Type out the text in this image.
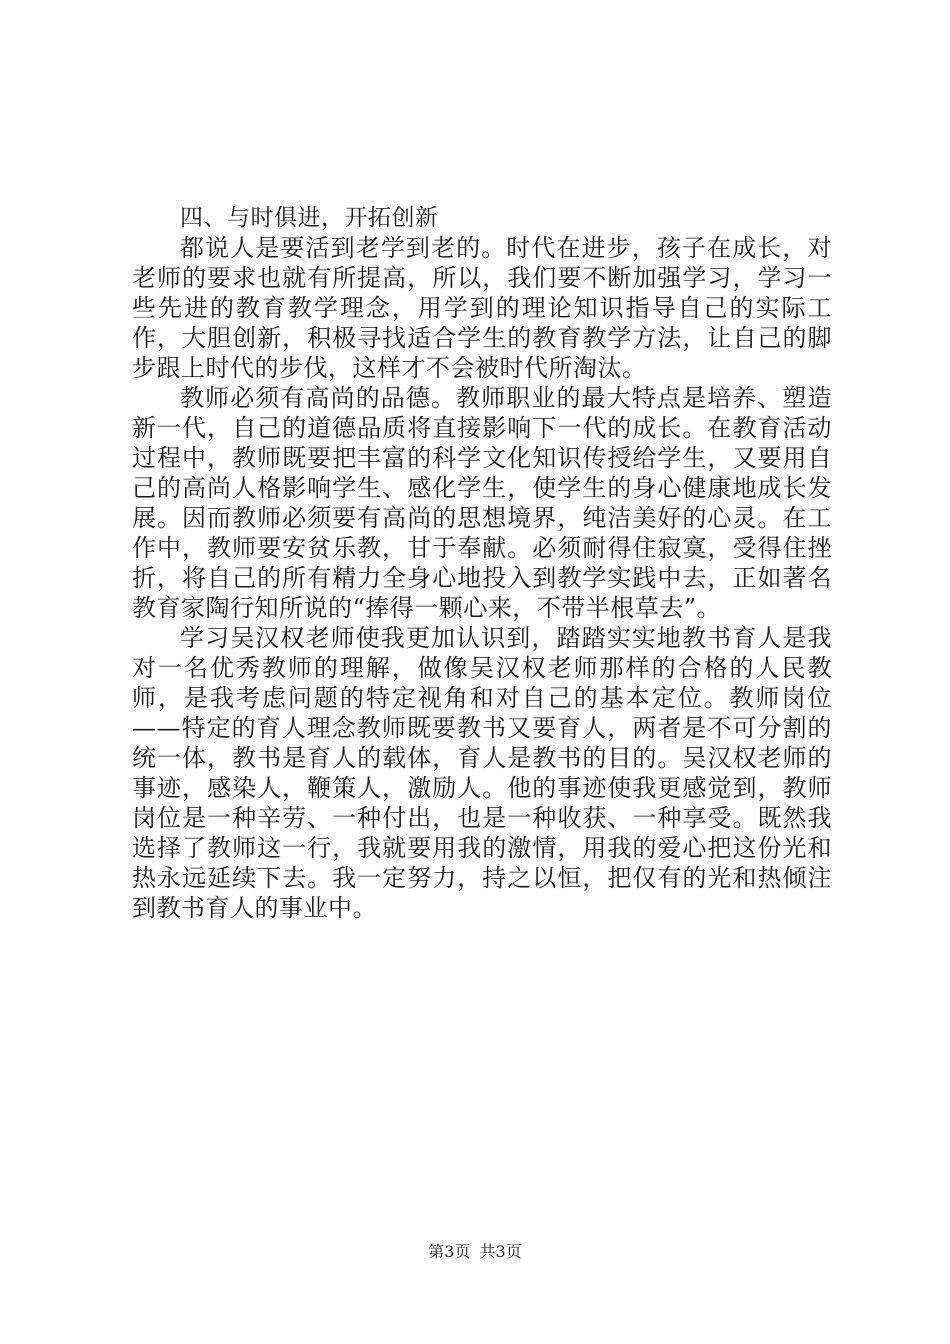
四、与时俱进，开拓创新

都说人是要活到老学到老的。时代在进步，孩子在成长，对老师的要求也就有所提高，所以，我们要不断加强学习，学习一些先进的教育教学理念，用学到的理论知识指导自己的实际工作，大胆创新，积极寻找适合学生的教育教学方法，让自己的脚步跟上时代的步伐，这样才不会被时代所淘汰。

教师必须有高尚的品德。教师职业的最大特点是培养、塑造新一代，自己的道德品质将直接影响下一代的成长。在教育活动过程中，教师既要把丰富的科学文化知识传授给学生，又要用自己的高尚人格影响学生、感化学生，使学生的身心健康地成长发展。因而教师必须要有高尚的思想境界，纯洁美好的心灵。在工作中，教师要安贫乐教，甘于奉献。必须耐得住寂寞，受得住挫折，将自己的所有精力全身心地投入到教学实践中去，正如著名教育家陶行知所说的“捧得一颗心来，不带半根草去”。

学习吴汉权老师使我更加认识到，踏踏实实地教书育人是我对一名优秀教师的理解，做像吴汉权老师那样的合格的人民教师，是我考虑问题的特定视角和对自己的基本定位。教师岗位——特定的育人理念教师既要教书又要育人，两者是不可分割的统一体，教书是育人的载体，育人是教书的目的。吴汉权老师的事迹，感染人，鞭策人，激励人。他的事迹使我更感觉到，教师岗位是一种辛劳、一种付出，也是一种收获、一种享受。既然我选择了教师这一行，我就要用我的激情，用我的爱心把这份光和热永远延续下去。我一定努力，持之以恒，把仅有的光和热倾注到教书育人的事业中。

第3页 共3页
